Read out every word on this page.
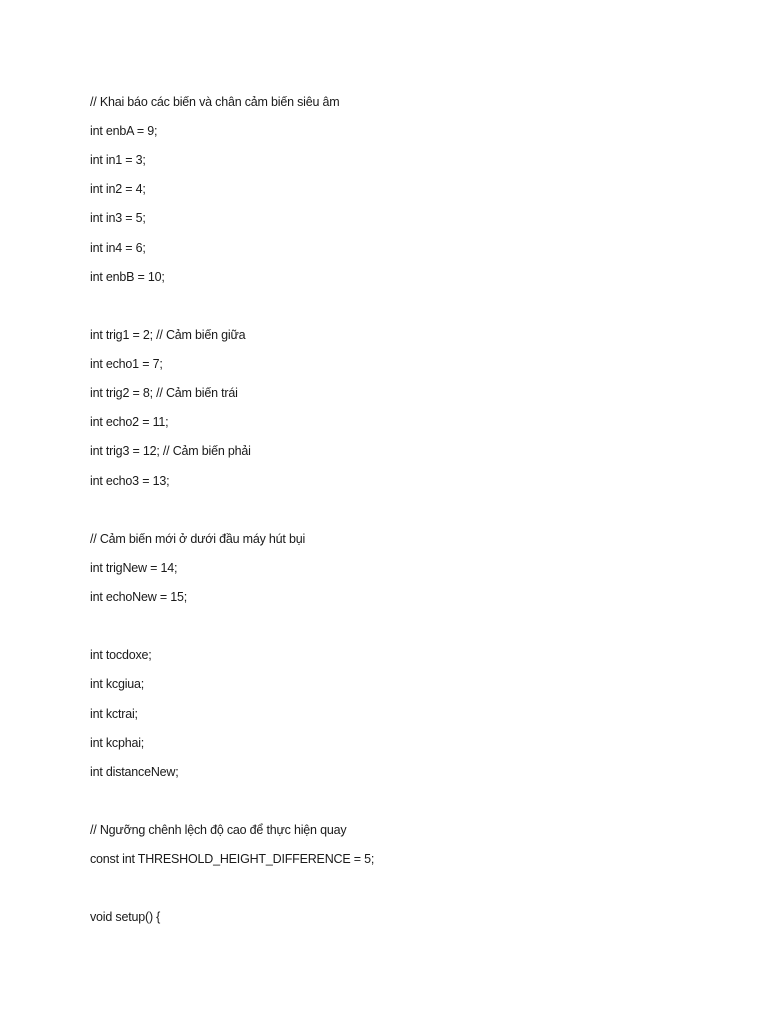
// Khai báo các biến và chân cảm biến siêu âm

int enbA = 9;

int in1 = 3;

int in2 = 4;

int in3 = 5;

int in4 = 6;

int enbB = 10;

int trig1 = 2; // Cảm biến giữa

int echo1 = 7;

int trig2 = 8; // Cảm biến trái

int echo2 = 11;

int trig3 = 12; // Cảm biến phải

int echo3 = 13;

// Cảm biến mới ở dưới đầu máy hút bụi

int trigNew = 14;

int echoNew = 15;

int tocdoxe;

int kcgiua;

int kctrai;

int kcphai;

int distanceNew;

// Ngưỡng chênh lệch độ cao để thực hiện quay

const int THRESHOLD_HEIGHT_DIFFERENCE = 5;

void setup() {
